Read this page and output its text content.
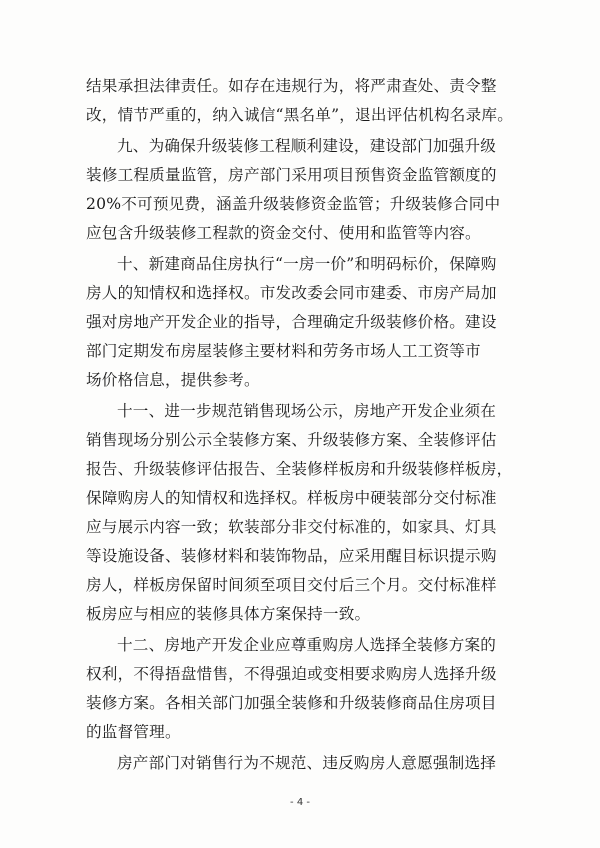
结果承担法律责任。如存在违规行为，将严肃查处、责令整
改，情节严重的，纳入诚信“黑名单”，退出评估机构名录库。
九、为确保升级装修工程顺利建设，建设部门加强升级
装修工程质量监管，房产部门采用项目预售资金监管额度的
20%不可预见费，涵盖升级装修资金监管；升级装修合同中
应包含升级装修工程款的资金交付、使用和监管等内容。
十、新建商品住房执行“一房一价”和明码标价，保障购
房人的知情权和选择权。市发改委会同市建委、市房产局加
强对房地产开发企业的指导，合理确定升级装修价格。建设
部门定期发布房屋装修主要材料和劳务市场人工工资等市
场价格信息，提供参考。
十一、进一步规范销售现场公示，房地产开发企业须在
销售现场分别公示全装修方案、升级装修方案、全装修评估
报告、升级装修评估报告、全装修样板房和升级装修样板房，
保障购房人的知情权和选择权。样板房中硬装部分交付标准
应与展示内容一致；软装部分非交付标准的，如家具、灯具
等设施设备、装修材料和装饰物品，应采用醒目标识提示购
房人，样板房保留时间须至项目交付后三个月。交付标准样
板房应与相应的装修具体方案保持一致。
十二、房地产开发企业应尊重购房人选择全装修方案的
权利，不得捂盘惜售，不得强迫或变相要求购房人选择升级
装修方案。各相关部门加强全装修和升级装修商品住房项目
的监督管理。
房产部门对销售行为不规范、违反购房人意愿强制选择
- 4 -
